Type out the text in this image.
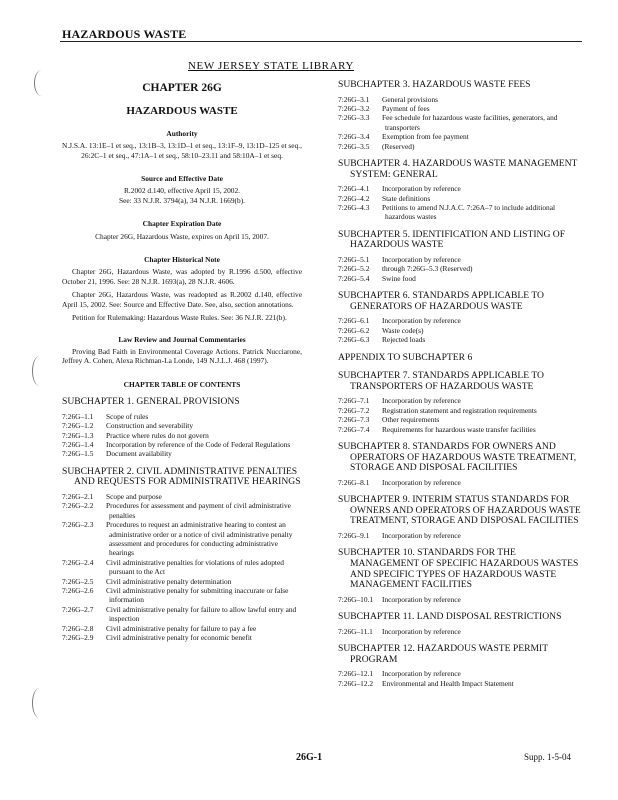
HAZARDOUS WASTE
NEW JERSEY STATE LIBRARY
CHAPTER 26G
HAZARDOUS WASTE
Authority
N.J.S.A. 13:1E–1 et seq., 13:1B–3, 13:1D–1 et seq., 13:1F–9, 13:1D–125 et seq., 26:2C–1 et seq., 47:1A–1 et seq., 58:10–23.11 and 58:10A–1 et seq.
Source and Effective Date
R.2002 d.140, effective April 15, 2002.
See: 33 N.J.R. 3794(a), 34 N.J.R. 1669(b).
Chapter Expiration Date
Chapter 26G, Hazardous Waste, expires on April 15, 2007.
Chapter Historical Note

Chapter 26G, Hazardous Waste, was adopted by R.1996 d.500, effective October 21, 1996. See: 28 N.J.R. 1693(a), 28 N.J.R. 4606.

Chapter 26G, Hazardous Waste, was readopted as R.2002 d.140, effective April 15, 2002. See: Source and Effective Date. See, also, section annotations.

Petition for Rulemaking: Hazardous Waste Rules. See: 36 N.J.R. 221(b).

Law Review and Journal Commentaries

Proving Bad Faith in Environmental Coverage Actions. Patrick Nucciarone, Jeffrey A. Cohen, Alexa Richman-La Londe, 149 N.J.L.J. 468 (1997).

CHAPTER TABLE OF CONTENTS
SUBCHAPTER 1. GENERAL PROVISIONS
7:26G–1.1	Scope of rules
7:26G–1.2	Construction and severability
7:26G–1.3	Practice where rules do not govern
7:26G–1.4	Incorporation by reference of the Code of Federal Regulations
7:26G–1.5	Document availability
SUBCHAPTER 2. CIVIL ADMINISTRATIVE PENALTIES AND REQUESTS FOR ADMINISTRATIVE HEARINGS
7:26G–2.1	Scope and purpose
7:26G–2.2	Procedures for assessment and payment of civil administrative penalties
7:26G–2.3	Procedures to request an administrative hearing to contest an administrative order or a notice of civil administrative penalty assessment and procedures for conducting administrative hearings
7:26G–2.4	Civil administrative penalties for violations of rules adopted pursuant to the Act
7:26G–2.5	Civil administrative penalty determination
7:26G–2.6	Civil administrative penalty for submitting inaccurate or false information
7:26G–2.7	Civil administrative penalty for failure to allow lawful entry and inspection
7:26G–2.8	Civil administrative penalty for failure to pay a fee
7:26G–2.9	Civil administrative penalty for economic benefit
SUBCHAPTER 3. HAZARDOUS WASTE FEES
7:26G–3.1	General provisions
7:26G–3.2	Payment of fees
7:26G–3.3	Fee schedule for hazardous waste facilities, generators, and transporters
7:26G–3.4	Exemption from fee payment
7:26G–3.5	(Reserved)
SUBCHAPTER 4. HAZARDOUS WASTE MANAGEMENT SYSTEM: GENERAL
7:26G–4.1	Incorporation by reference
7:26G–4.2	State definitions
7:26G–4.3	Petitions to amend N.J.A.C. 7:26A–7 to include additional hazardous wastes
SUBCHAPTER 5. IDENTIFICATION AND LISTING OF HAZARDOUS WASTE
7:26G–5.1	Incorporation by reference
7:26G–5.2	through 7:26G–5.3 (Reserved)
7:26G–5.4	Swine food
SUBCHAPTER 6. STANDARDS APPLICABLE TO GENERATORS OF HAZARDOUS WASTE
7:26G–6.1	Incorporation by reference
7:26G–6.2	Waste code(s)
7:26G–6.3	Rejected loads
APPENDIX TO SUBCHAPTER 6
SUBCHAPTER 7. STANDARDS APPLICABLE TO TRANSPORTERS OF HAZARDOUS WASTE
7:26G–7.1	Incorporation by reference
7:26G–7.2	Registration statement and registration requirements
7:26G–7.3	Other requirements
7:26G–7.4	Requirements for hazardous waste transfer facilities
SUBCHAPTER 8. STANDARDS FOR OWNERS AND OPERATORS OF HAZARDOUS WASTE TREATMENT, STORAGE AND DISPOSAL FACILITIES
7:26G–8.1	Incorporation by reference
SUBCHAPTER 9. INTERIM STATUS STANDARDS FOR OWNERS AND OPERATORS OF HAZARDOUS WASTE TREATMENT, STORAGE AND DISPOSAL FACILITIES
7:26G–9.1	Incorporation by reference
SUBCHAPTER 10. STANDARDS FOR THE MANAGEMENT OF SPECIFIC HAZARDOUS WASTES AND SPECIFIC TYPES OF HAZARDOUS WASTE MANAGEMENT FACILITIES
7:26G–10.1	Incorporation by reference
SUBCHAPTER 11. LAND DISPOSAL RESTRICTIONS
7:26G–11.1	Incorporation by reference
SUBCHAPTER 12. HAZARDOUS WASTE PERMIT PROGRAM
7:26G–12.1	Incorporation by reference
7:26G–12.2	Environmental and Health Impact Statement
26G-1	Supp. 1-5-04
